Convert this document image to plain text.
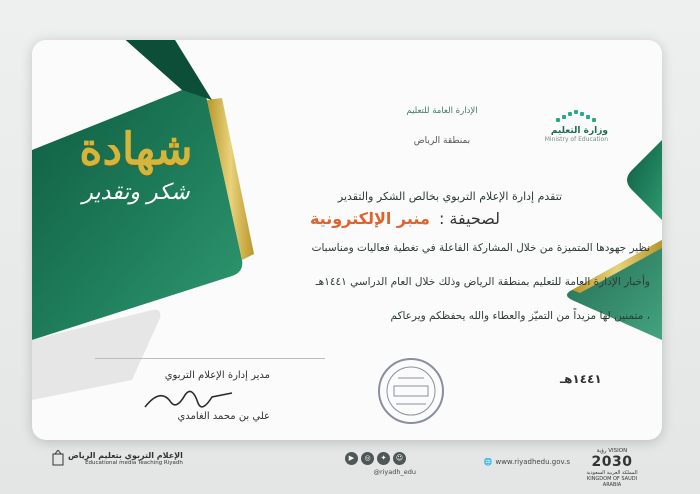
شهادة
شكر وتقدير
الإدارة العامة للتعليم
بمنطقة الرياض
وزارة التعليم
Ministry of Education
تتقدم إدارة الإعلام التربوي بخالص الشكر والتقدير
لصحيفة : منبر الإلكترونية

نظير جهودها المتميزة من خلال المشاركة الفاعلة في تغطية فعاليات ومناسبات

وأخبار الإدارة العامة للتعليم بمنطقة الرياض وذلك خلال العام الدراسي ١٤٤١هـ

، متمنين لها مزيداً من التميّز والعطاء والله يحفظكم ويرعاكم

مدير إدارة الإعلام التربوي
علي بن محمد الغامدي
١٤٤١هـ
VISION رؤية
2030
المملكة العربية السعودية KINGDOM OF SAUDI ARABIA
🌐 www.riyadhedu.gov.s
▶	◎	✦	☺
@riyadh_edu
الإعلام التربوي بتعليم الرياض
Educational media Teaching Riyadh
